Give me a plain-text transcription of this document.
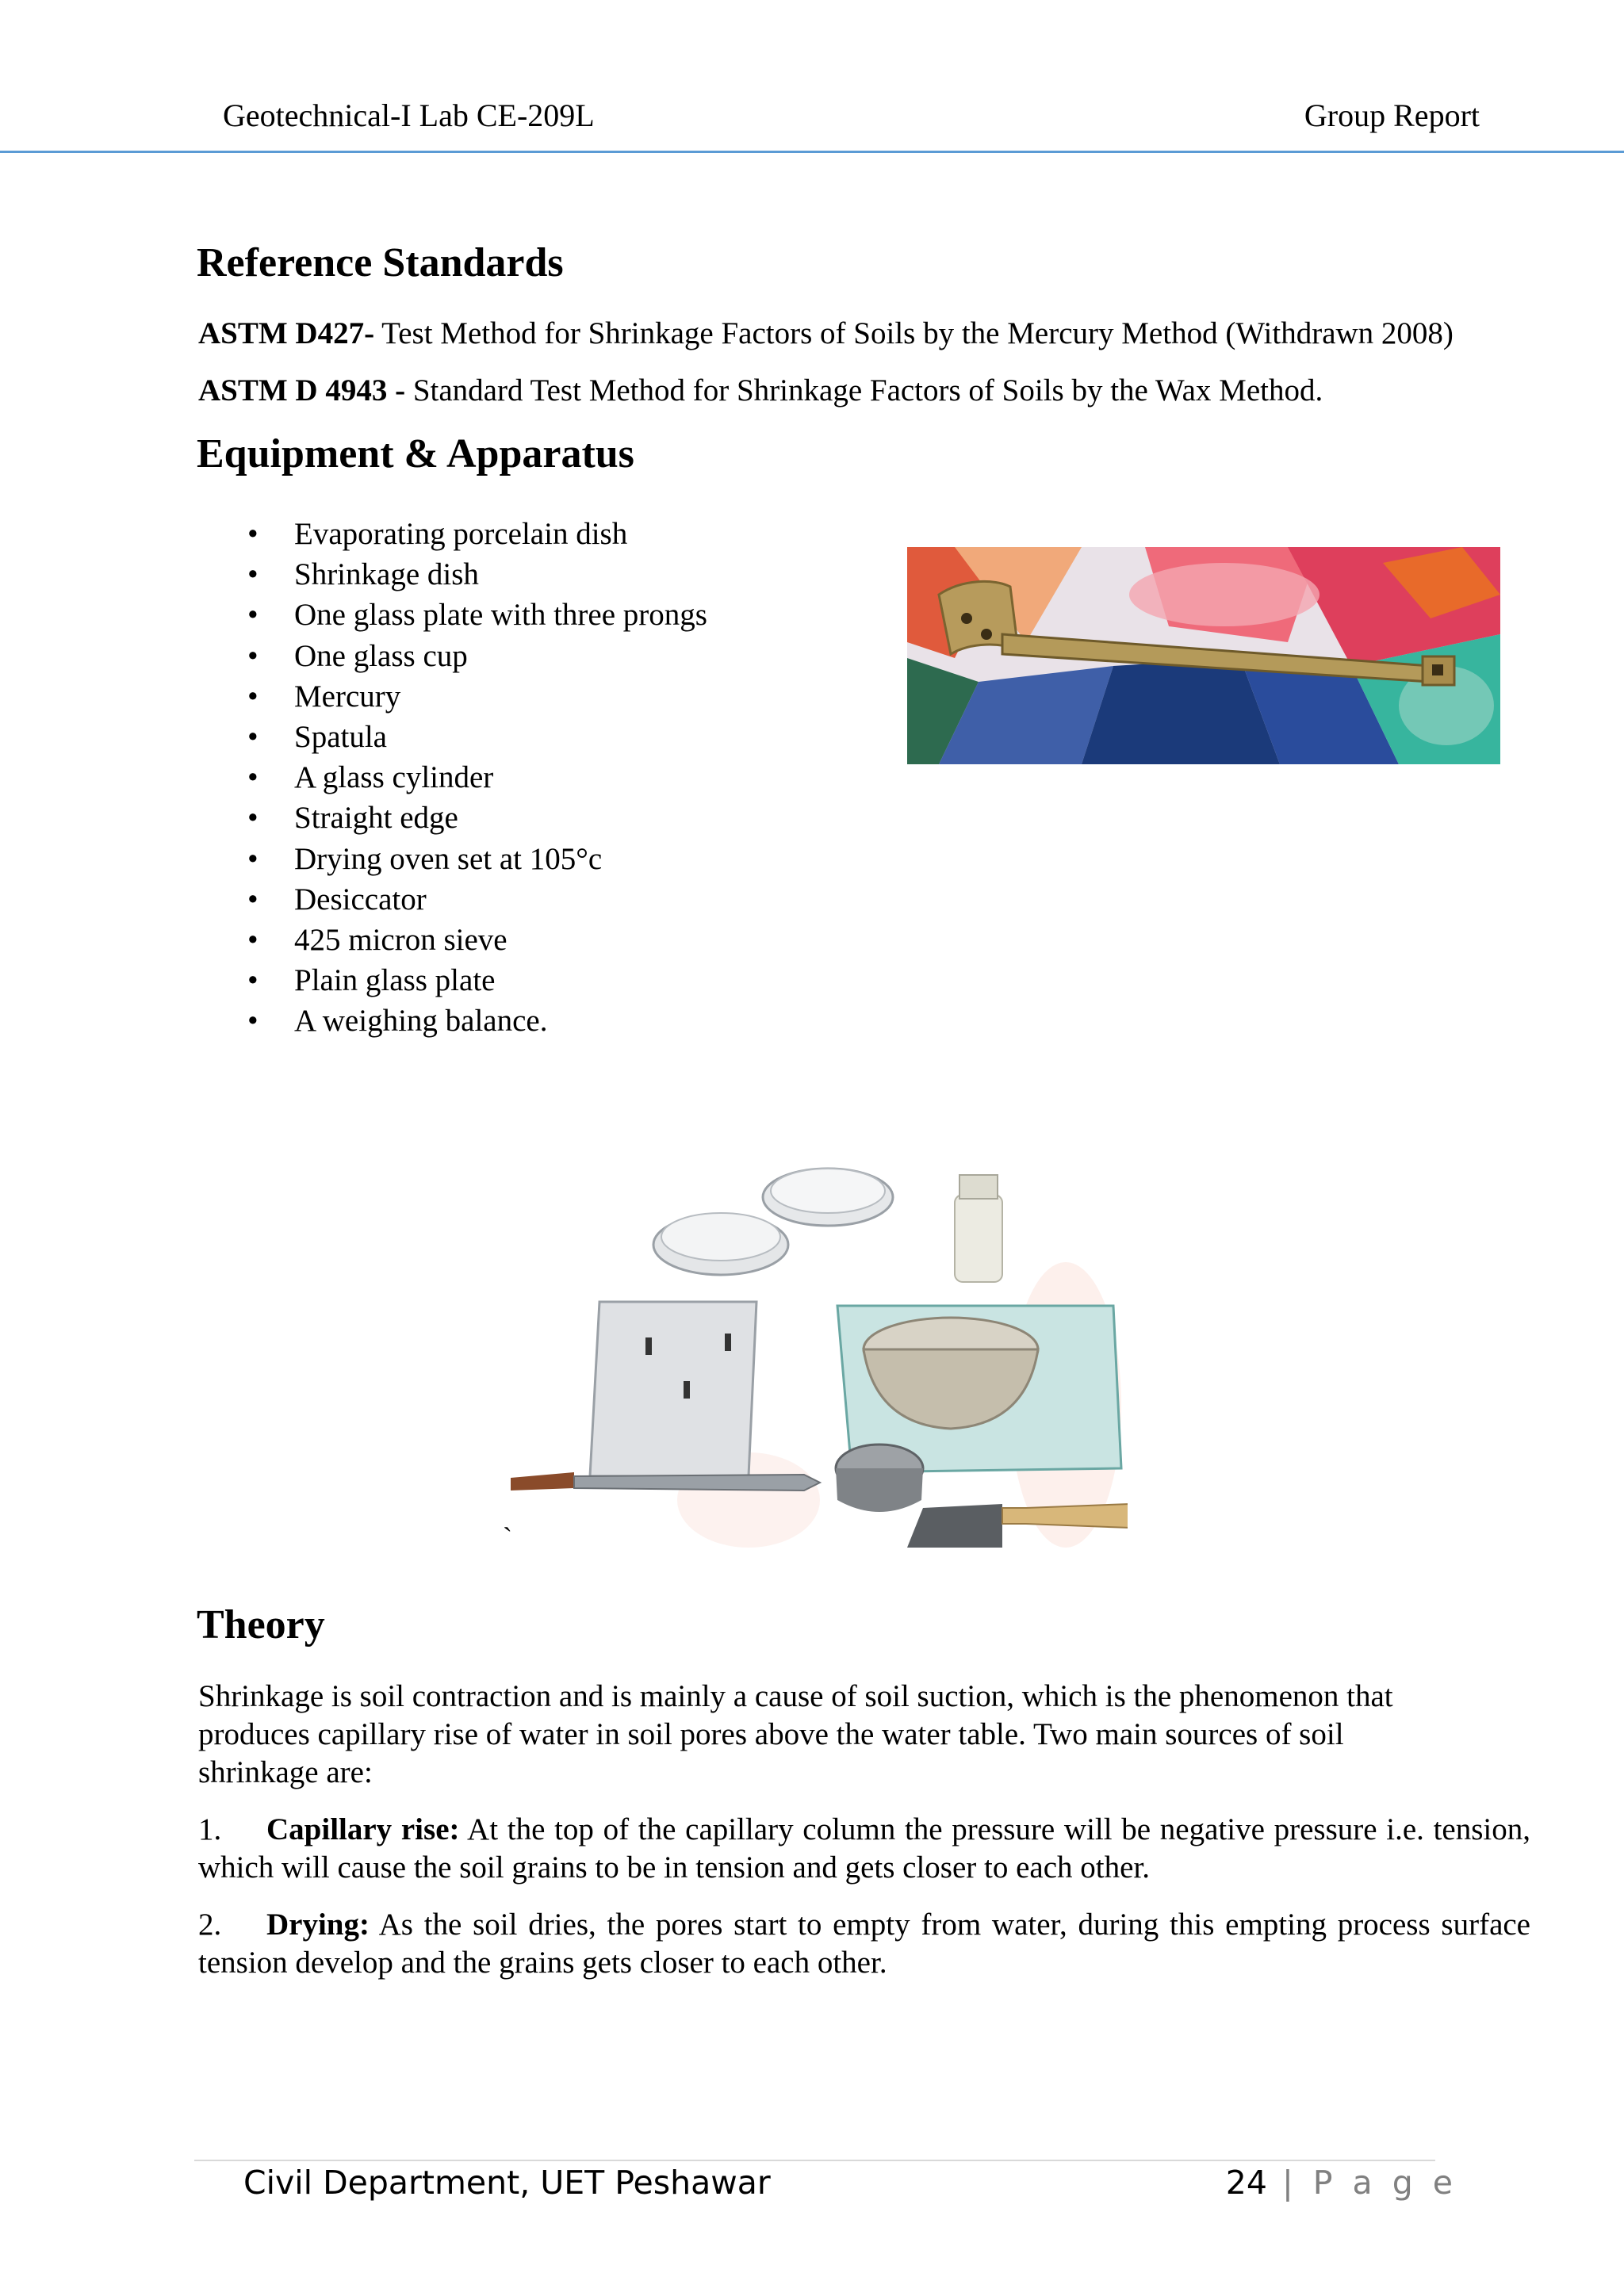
Geotechnical-I Lab CE-209L	Group Report
Reference Standards
ASTM D427- Test Method for Shrinkage Factors of Soils by the Mercury Method (Withdrawn 2008)
ASTM D 4943 - Standard Test Method for Shrinkage Factors of Soils by the Wax Method.
Equipment & Apparatus
• Evaporating porcelain dish
• Shrinkage dish
• One glass plate with three prongs
• One glass cup
• Mercury
• Spatula
• A glass cylinder
• Straight edge
• Drying oven set at 105°c
• Desiccator
• 425 micron sieve
• Plain glass plate
• A weighing balance.
`
Theory
Shrinkage is soil contraction and is mainly a cause of soil suction, which is the phenomenon that produces capillary rise of water in soil pores above the water table. Two main sources of soil shrinkage are:
1. Capillary rise: At the top of the capillary column the pressure will be negative pressure i.e. tension, which will cause the soil grains to be in tension and gets closer to each other.
2. Drying: As the soil dries, the pores start to empty from water, during this empting process surface tension develop and the grains gets closer to each other.
Civil Department, UET Peshawar	24 | P a g e
